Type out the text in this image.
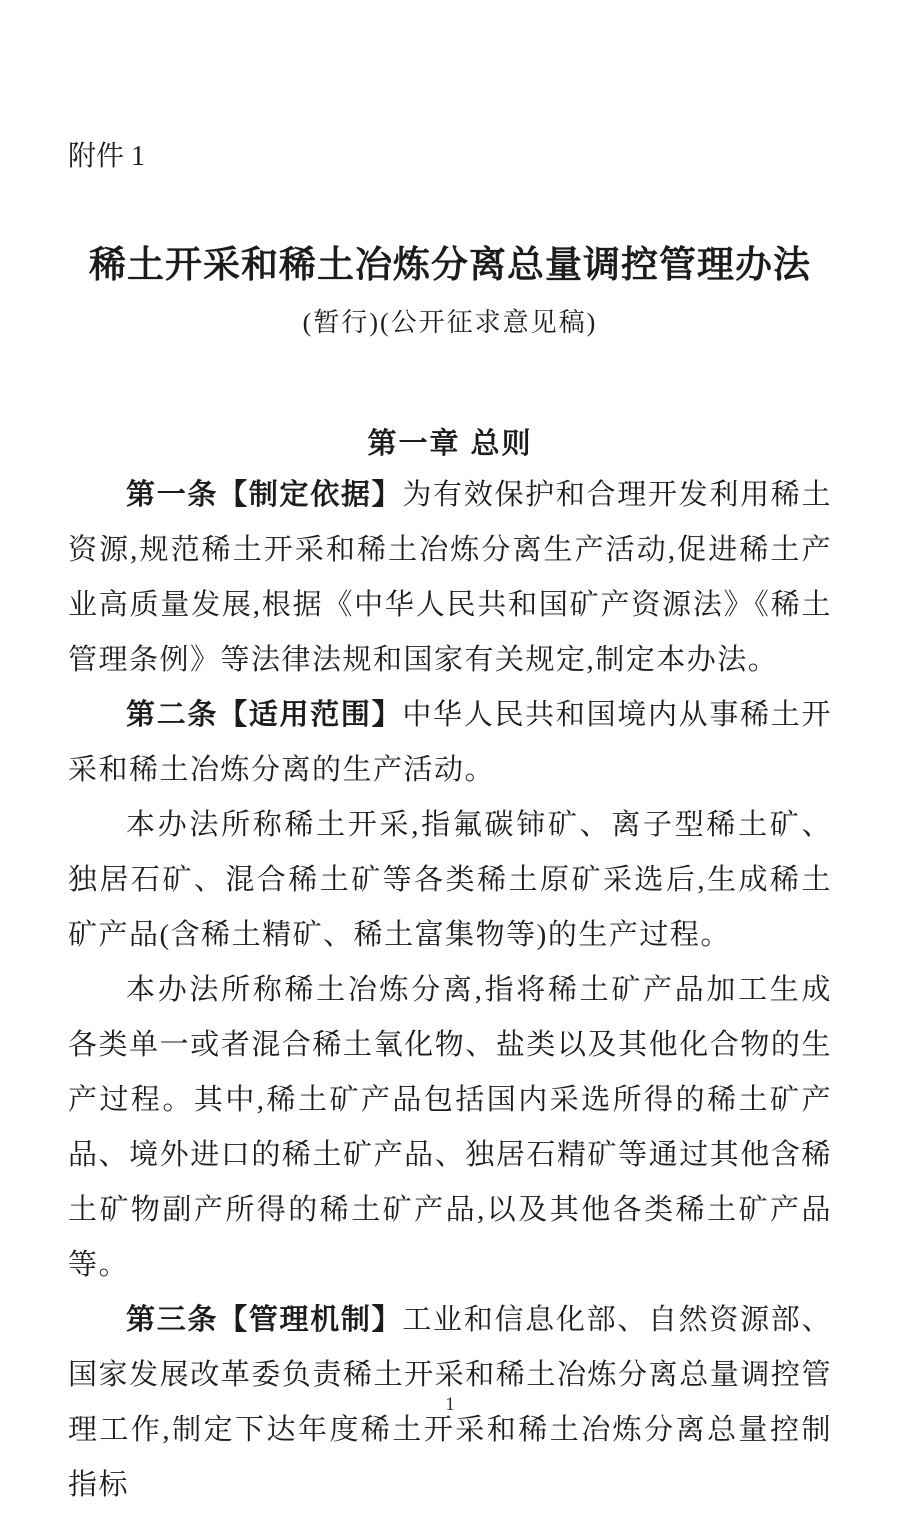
附件 1
稀土开采和稀土冶炼分离总量调控管理办法
(暂行)(公开征求意见稿)
第一章 总则

第一条【制定依据】为有效保护和合理开发利用稀土资源,规范稀土开采和稀土冶炼分离生产活动,促进稀土产业高质量发展,根据《中华人民共和国矿产资源法》《稀土管理条例》等法律法规和国家有关规定,制定本办法。

第二条【适用范围】中华人民共和国境内从事稀土开采和稀土冶炼分离的生产活动。

本办法所称稀土开采,指氟碳铈矿、离子型稀土矿、独居石矿、混合稀土矿等各类稀土原矿采选后,生成稀土矿产品(含稀土精矿、稀土富集物等)的生产过程。

本办法所称稀土冶炼分离,指将稀土矿产品加工生成各类单一或者混合稀土氧化物、盐类以及其他化合物的生产过程。其中,稀土矿产品包括国内采选所得的稀土矿产品、境外进口的稀土矿产品、独居石精矿等通过其他含稀土矿物副产所得的稀土矿产品,以及其他各类稀土矿产品等。

第三条【管理机制】工业和信息化部、自然资源部、国家发展改革委负责稀土开采和稀土冶炼分离总量调控管理工作,制定下达年度稀土开采和稀土冶炼分离总量控制指标

1
